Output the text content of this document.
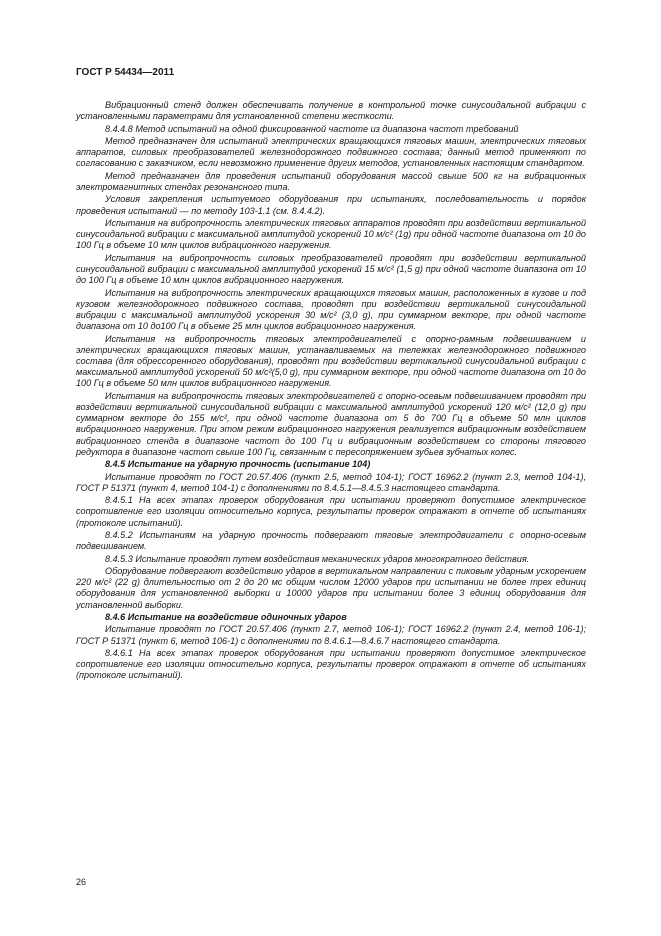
ГОСТ Р 54434—2011

Вибрационный стенд должен обеспечивать получение в контрольной точке синусоидальной вибрации с установленными параметрами для установленной степени жесткости.

8.4.4.8 Метод испытаний на одной фиксированной частоте из диапазона частот требований

Метод предназначен для испытаний электрических вращающихся тяговых машин, электрических тяговых аппаратов, силовых преобразователей железнодорожного подвижного состава; данный метод применяют по согласованию с заказчиком, если невозможно применение других методов, установленных настоящим стандартом.

Метод предназначен для проведения испытаний оборудования массой свыше 500 кг на вибрационных электромагнитных стендах резонансного типа.

Условия закрепления испытуемого оборудования при испытаниях, последовательность и порядок проведения испытаний — по методу 103-1.1 (см. 8.4.4.2).

Испытания на вибропрочность электрических тяговых аппаратов проводят при воздействии вертикальной синусоидальной вибрации с максимальной амплитудой ускорений 10 м/с² (1g) при одной частоте диапазона от 10 до 100 Гц в объеме 10 млн циклов вибрационного нагружения.

Испытания на вибропрочность силовых преобразователей проводят при воздействии вертикальной синусоидальной вибрации с максимальной амплитудой ускорений 15 м/с² (1,5 g) при одной частоте диапазона от 10 до 100 Гц в объеме 10 млн циклов вибрационного нагружения.

Испытания на вибропрочность электрических вращающихся тяговых машин, расположенных в кузове и под кузовом железнодорожного подвижного состава, проводят при воздействии вертикальной синусоидальной вибрации с максимальной амплитудой ускорения 30 м/с² (3,0 g), при суммарном векторе, при одной частоте диапазона от 10 до100 Гц в объеме 25 млн циклов вибрационного нагружения.

Испытания на вибропрочность тяговых электродвигателей с опорно-рамным подвешиванием и электрических вращающихся тяговых машин, устанавливаемых на тележках железнодорожного подвижного состава (для обрессоренного оборудования), проводят при воздействии вертикальной синусоидальной вибрации с максимальной амплитудой ускорений 50 м/с²(5,0 g), при суммарном векторе, при одной частоте диапазона от 10 до 100 Гц в объеме 50 млн циклов вибрационного нагружения.

Испытания на вибропрочность тяговых электродвигателей с опорно-осевым подвешиванием проводят при воздействии вертикальной синусоидальной вибрации с максимальной амплитудой ускорений 120 м/с² (12,0 g) при суммарном векторе до 155 м/с², при одной частоте диапазона от 5 до 700 Гц в объеме 50 млн циклов вибрационного нагружения. При этом режим вибрационного нагружения реализуется вибрационным воздействием вибрационного стенда в диапазоне частот до 100 Гц и вибрационным воздействием со стороны тягового редуктора в диапазоне частот свыше 100 Гц, связанным с пересопряжением зубьев зубчатых колес.

8.4.5 Испытание на ударную прочность (испытание 104)

Испытание проводят по ГОСТ 20.57.406 (пункт 2.5, метод 104-1); ГОСТ 16962.2 (пункт 2.3, метод 104-1), ГОСТ Р 51371 (пункт 4, метод 104-1) с дополнениями по 8.4.5.1—8.4.5.3 настоящего стандарта.

8.4.5.1 На всех этапах проверок оборудования при испытании проверяют допустимое электрическое сопротивление его изоляции относительно корпуса, результаты проверок отражают в отчете об испытаниях (протоколе испытаний).

8.4.5.2 Испытаниям на ударную прочность подвергают тяговые электродвигатели с опорно-осевым подвешиванием.

8.4.5.3 Испытание проводят путем воздействия механических ударов многократного действия.

Оборудование подвергают воздействию ударов в вертикальном направлении с пиковым ударным ускорением 220 м/с² (22 g) длительностью от 2 до 20 мс общим числом 12000 ударов при испытании не более трех единиц оборудования для установленной выборки и 10000 ударов при испытании более 3 единиц оборудования для установленной выборки.

8.4.6 Испытание на воздействие одиночных ударов

Испытание проводят по ГОСТ 20.57.406 (пункт 2.7, метод 106-1); ГОСТ 16962.2 (пункт 2.4, метод 106-1); ГОСТ Р 51371 (пункт 6, метод 106-1) с дополнениями по 8.4.6.1—8.4.6.7 настоящего стандарта.

8.4.6.1 На всех этапах проверок оборудования при испытании проверяют допустимое электрическое сопротивление его изоляции относительно корпуса, результаты проверок отражают в отчете об испытаниях (протоколе испытаний).

26
